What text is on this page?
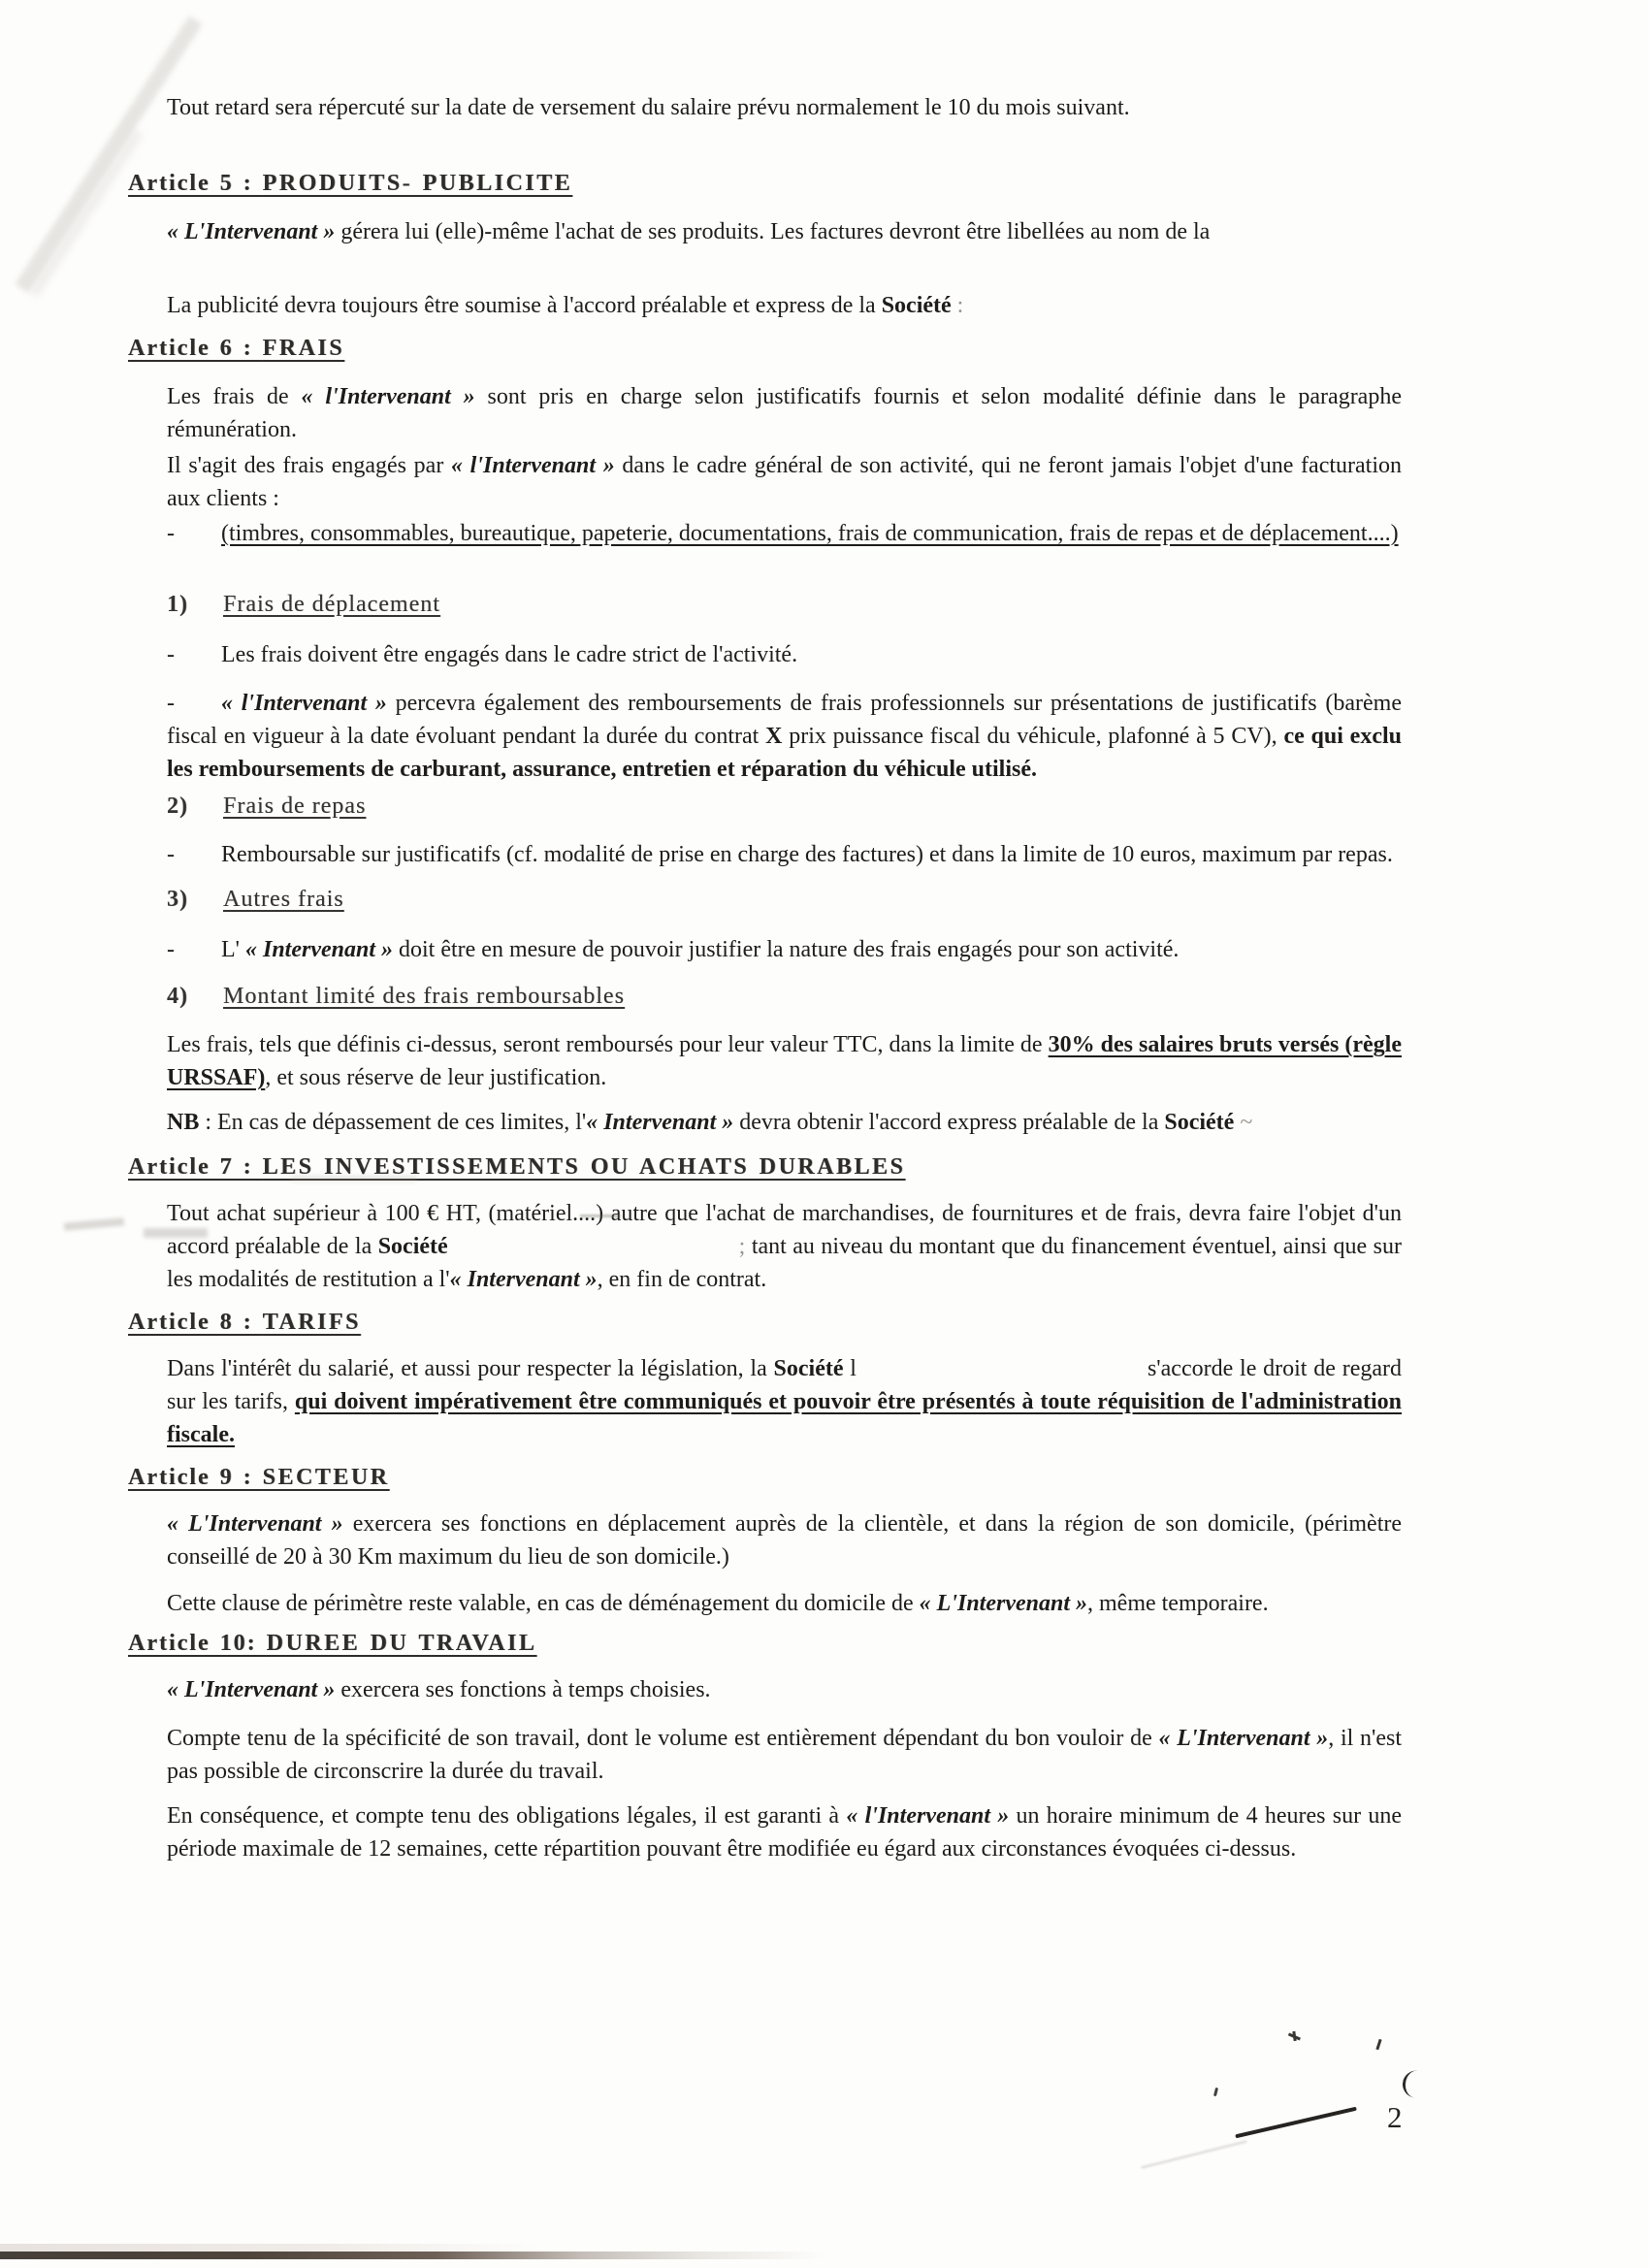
Tout retard sera répercuté sur la date de versement du salaire prévu normalement le 10 du mois suivant.

Article 5 : PRODUITS- PUBLICITE

« L'Intervenant » gérera lui (elle)-même l'achat de ses produits. Les factures devront être libellées au nom de la

La publicité devra toujours être soumise à l'accord préalable et express de la Société :

Article 6 : FRAIS

Les frais de « l'Intervenant » sont pris en charge selon justificatifs fournis et selon modalité définie dans le paragraphe rémunération.

Il s'agit des frais engagés par « l'Intervenant » dans le cadre général de son activité, qui ne feront jamais l'objet d'une facturation aux clients :

- (timbres, consommables, bureautique, papeterie, documentations, frais de communication, frais de repas et de déplacement....)

1) Frais de déplacement

- Les frais doivent être engagés dans le cadre strict de l'activité.

- « l'Intervenant » percevra également des remboursements de frais professionnels sur présentations de justificatifs (barème fiscal en vigueur à la date évoluant pendant la durée du contrat X prix puissance fiscal du véhicule, plafonné à 5 CV), ce qui exclu les remboursements de carburant, assurance, entretien et réparation du véhicule utilisé.

2) Frais de repas

- Remboursable sur justificatifs (cf. modalité de prise en charge des factures) et dans la limite de 10 euros, maximum par repas.

3) Autres frais

- L' « Intervenant » doit être en mesure de pouvoir justifier la nature des frais engagés pour son activité.

4) Montant limité des frais remboursables

Les frais, tels que définis ci-dessus, seront remboursés pour leur valeur TTC, dans la limite de 30% des salaires bruts versés (règle URSSAF), et sous réserve de leur justification.

NB : En cas de dépassement de ces limites, l'« Intervenant » devra obtenir l'accord express préalable de la Société ~

Article 7 : LES INVESTISSEMENTS OU ACHATS DURABLES

Tout achat supérieur à 100 € HT, (matériel....) autre que l'achat de marchandises, de fournitures et de frais, devra faire l'objet d'un accord préalable de la Société	; tant au niveau du montant que du financement éventuel, ainsi que sur les modalités de restitution a l'« Intervenant », en fin de contrat.

Article 8 : TARIFS

Dans l'intérêt du salarié, et aussi pour respecter la législation, la Société l	s'accorde le droit de regard sur les tarifs, qui doivent impérativement être communiqués et pouvoir être présentés à toute réquisition de l'administration fiscale.

Article 9 : SECTEUR

« L'Intervenant » exercera ses fonctions en déplacement auprès de la clientèle, et dans la région de son domicile, (périmètre conseillé de 20 à 30 Km maximum du lieu de son domicile.)

Cette clause de périmètre reste valable, en cas de déménagement du domicile de « L'Intervenant », même temporaire.

Article 10: DUREE DU TRAVAIL

« L'Intervenant » exercera ses fonctions à temps choisies.

Compte tenu de la spécificité de son travail, dont le volume est entièrement dépendant du bon vouloir de « L'Intervenant », il n'est pas possible de circonscrire la durée du travail.

En conséquence, et compte tenu des obligations légales, il est garanti à « l'Intervenant » un horaire minimum de 4 heures sur une période maximale de 12 semaines, cette répartition pouvant être modifiée eu égard aux circonstances évoquées ci-dessus.

2
